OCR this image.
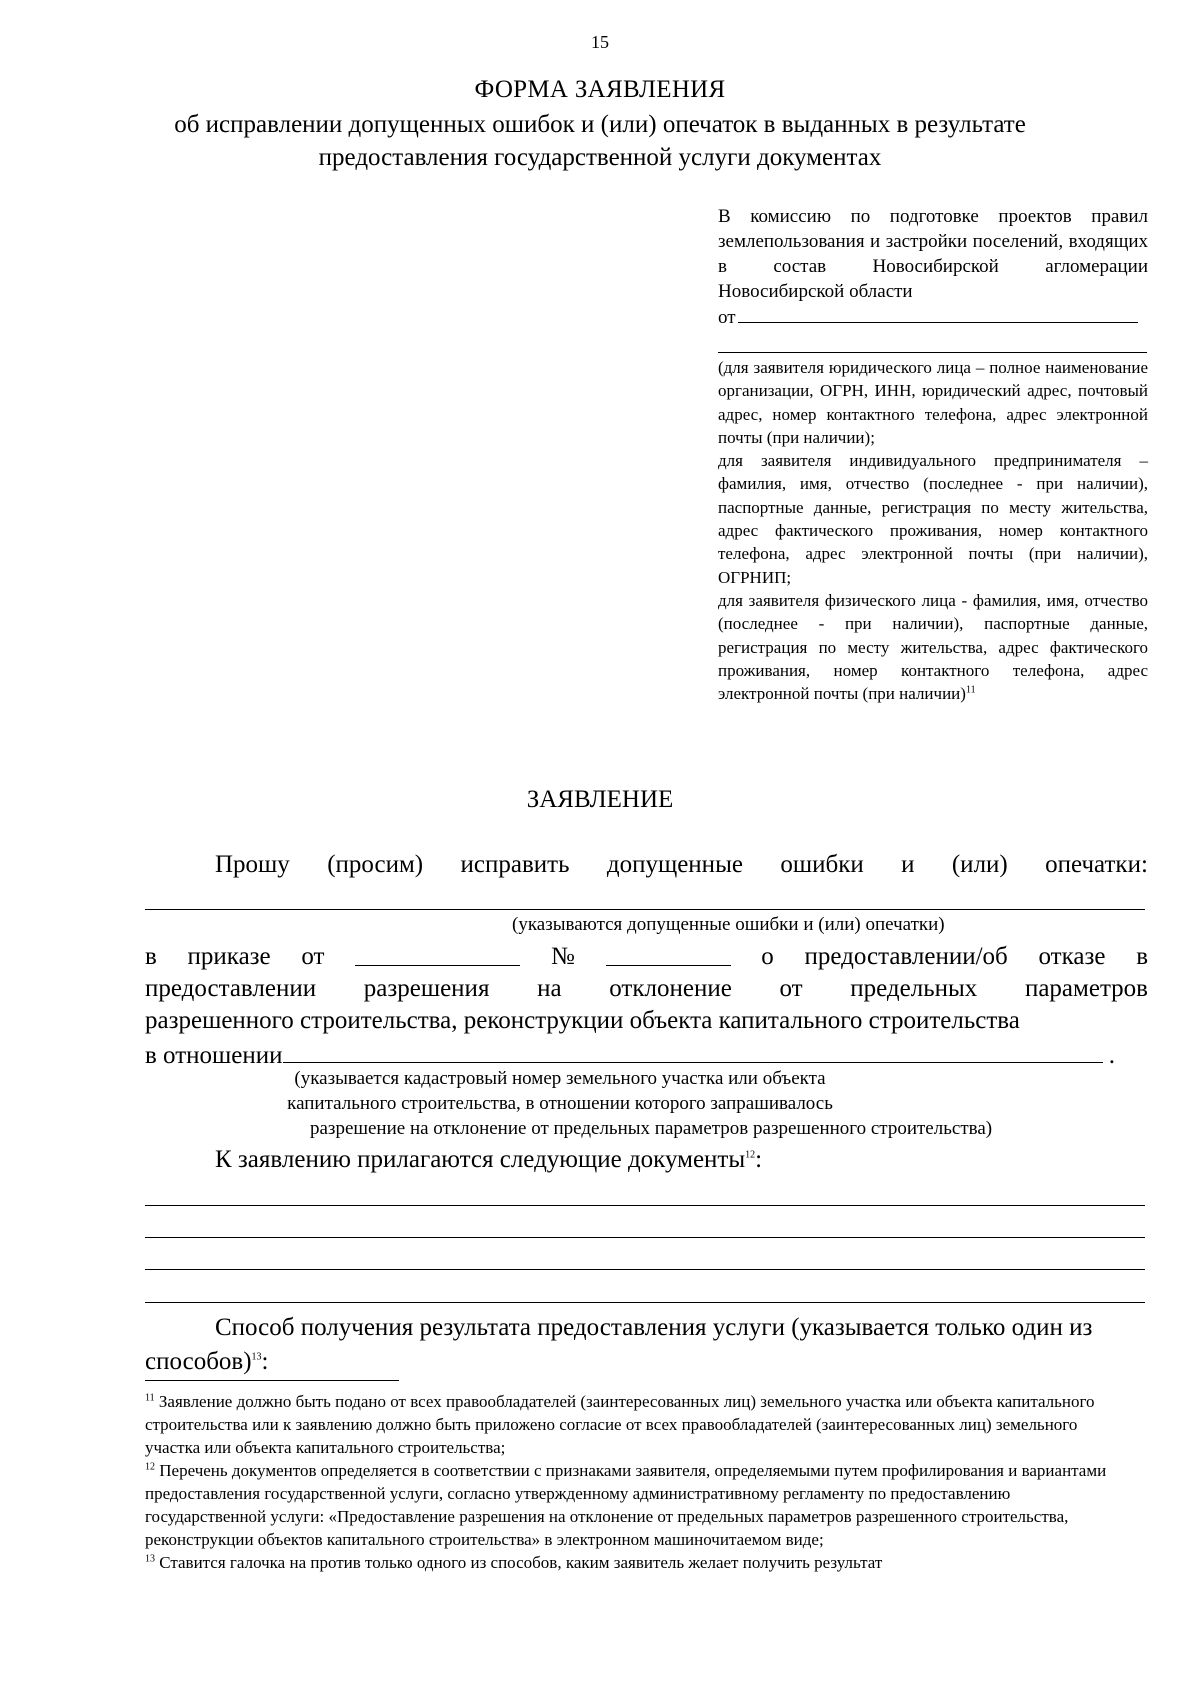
15
ФОРМА ЗАЯВЛЕНИЯ
об исправлении допущенных ошибок и (или) опечаток в выданных в результате
предоставления государственной услуги документах
В комиссию по подготовке проектов правил землепользования и застройки поселений, входящих в состав Новосибирской агломерации Новосибирской области
от

(для заявителя юридического лица – полное наименование организации, ОГРН, ИНН, юридический адрес, почтовый адрес, номер контактного телефона, адрес электронной почты (при наличии);

для заявителя индивидуального предпринимателя – фамилия, имя, отчество (последнее - при наличии), паспортные данные, регистрация по месту жительства, адрес фактического проживания, номер контактного телефона, адрес электронной почты (при наличии), ОГРНИП;

для заявителя физического лица - фамилия, имя, отчество (последнее - при наличии), паспортные данные, регистрация по месту жительства, адрес фактического проживания, номер контактного телефона, адрес электронной почты (при наличии)$^{11}$

ЗАЯВЛЕНИЕ
Прошу (просим) исправить допущенные ошибки и (или) опечатки:
(указываются допущенные ошибки и (или) опечатки)
в приказе от	№	о предоставлении/об отказе в
предоставлении разрешения на отклонение от предельных параметров
разрешенного строительства, реконструкции объекта капитального строительства
в отношении	.
(указывается кадастровый номер земельного участка или объекта
капитального строительства, в отношении которого запрашивалось
разрешение на отклонение от предельных параметров разрешенного строительства)
К заявлению прилагаются следующие документы$^{12}$:
Способ получения результата предоставления услуги (указывается только один из способов)$^{13}$:

$^{11}$ Заявление должно быть подано от всех правообладателей (заинтересованных лиц) земельного участка или объекта капитального строительства или к заявлению должно быть приложено согласие от всех правообладателей (заинтересованных лиц) земельного участка или объекта капитального строительства;

$^{12}$ Перечень документов определяется в соответствии с признаками заявителя, определяемыми путем профилирования и вариантами предоставления государственной услуги, согласно утвержденному административному регламенту по предоставлению государственной услуги: «Предоставление разрешения на отклонение от предельных параметров разрешенного строительства, реконструкции объектов капитального строительства» в электронном машиночитаемом виде;

$^{13}$ Ставится галочка на против только одного из способов, каким заявитель желает получить результат
